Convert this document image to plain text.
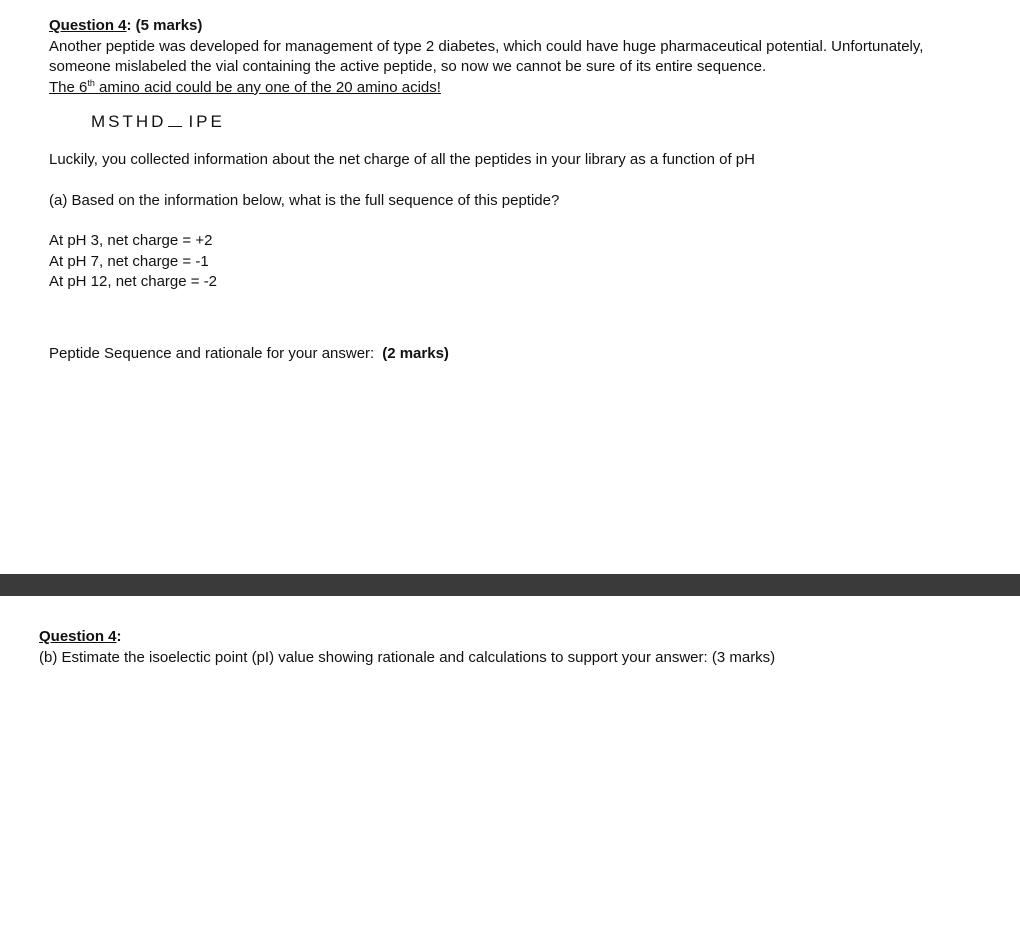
Question 4: (5 marks)

Another peptide was developed for management of type 2 diabetes, which could have huge pharmaceutical potential. Unfortunately,

someone mislabeled the vial containing the active peptide, so now we cannot be sure of its entire sequence.

The 6th amino acid could be any one of the 20 amino acids!

MSTHD IPE

Luckily, you collected information about the net charge of all the peptides in your library as a function of pH

(a) Based on the information below, what is the full sequence of this peptide?

At pH 3, net charge = +2
At pH 7, net charge = -1
At pH 12, net charge = -2
Peptide Sequence and rationale for your answer: (2 marks)
Question 4:

(b) Estimate the isoelectic point (pI) value showing rationale and calculations to support your answer: (3 marks)
